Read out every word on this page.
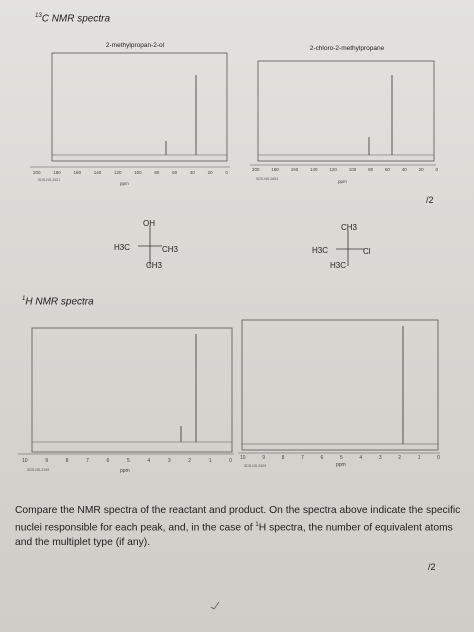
$^{13}$C NMR spectra
2-methylpropan-2-ol
200	180	160	140	120	100	80	60	40	20	0
SDS-NS-2621
ppm
2-chloro-2-methylpropane
200	180	160	140	120	100	80	60	40	20	0
SDS-NS-2654	ppm
/2
OH
H3C	CH3
CH3
CH3
H3C	Cl
H3C
$^1$H NMR spectra
10	9	8	7	6	5	4	3	2	1	0
SDS-NS-2199	ppm
10	9	8	7	6	5	4	3	2	1	0
SDS-NS-2625	ppm
Compare the NMR spectra of the reactant and product. On the spectra above indicate the specific nuclei responsible for each peak, and, in the case of $^1$H spectra, the number of equivalent atoms and the multiplet type (if any).
/2
